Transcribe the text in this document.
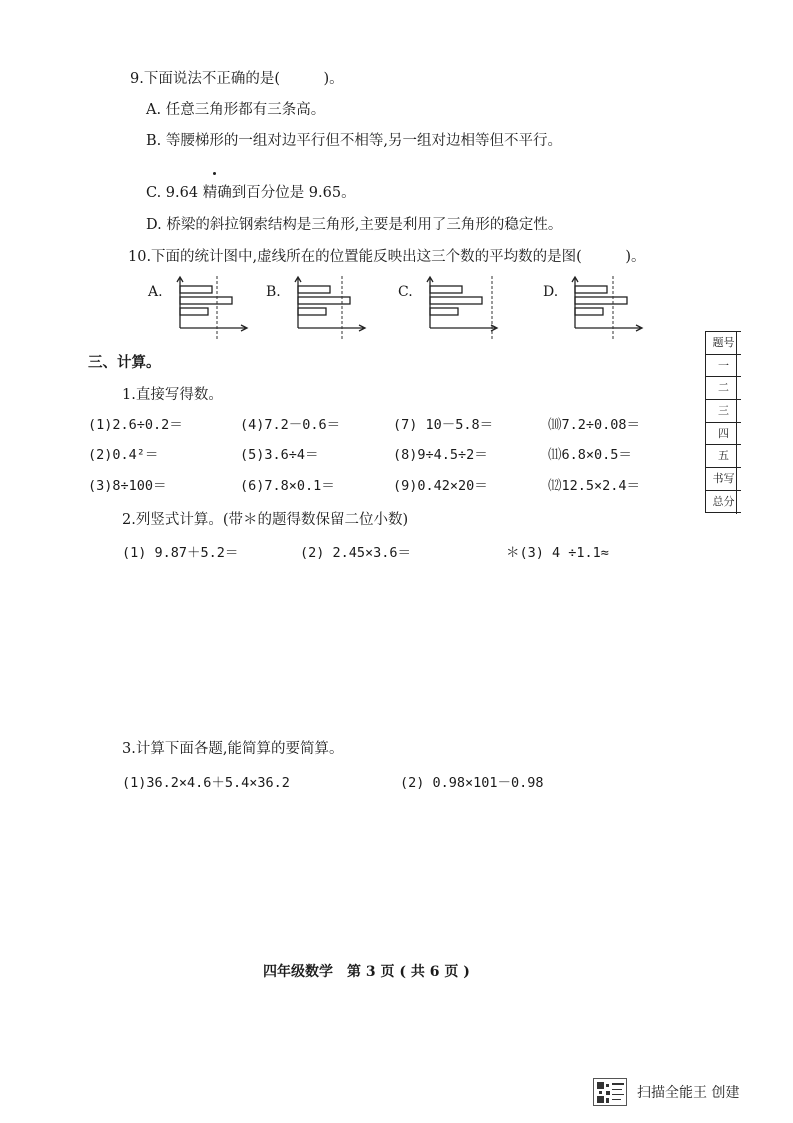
9.下面说法不正确的是(　　　)。
A. 任意三角形都有三条高。
B. 等腰梯形的一组对边平行但不相等,另一组对边相等但不平行。
C. 9.64 精确到百分位是 9.65。
D. 桥梁的斜拉钢索结构是三角形,主要是利用了三角形的稳定性。
10.下面的统计图中,虚线所在的位置能反映出这三个数的平均数的是图(　　　)。
A.	B.	C.	D.
三、计算。
1.直接写得数。
(1)2.6÷0.2＝	(4)7.2－0.6＝	(7) 10－5.8＝	⑽7.2÷0.08＝
(2)0.4²＝	(5)3.6÷4＝	(8)9÷4.5÷2＝	⑾6.8×0.5＝
(3)8÷100＝	(6)7.8×0.1＝	(9)0.42×20＝	⑿12.5×2.4＝
2.列竖式计算。(带＊的题得数保留二位小数)
(1) 9.87＋5.2＝	(2) 2.45×3.6＝	＊(3) 4 ÷1.1≈
3.计算下面各题,能简算的要简算。
(1)36.2×4.6＋5.4×36.2	(2) 0.98×101－0.98
题号
一
二
三
四
五
书写
总分
四年级数学　第 3 页 ( 共 6 页 )
扫描全能王 创建
